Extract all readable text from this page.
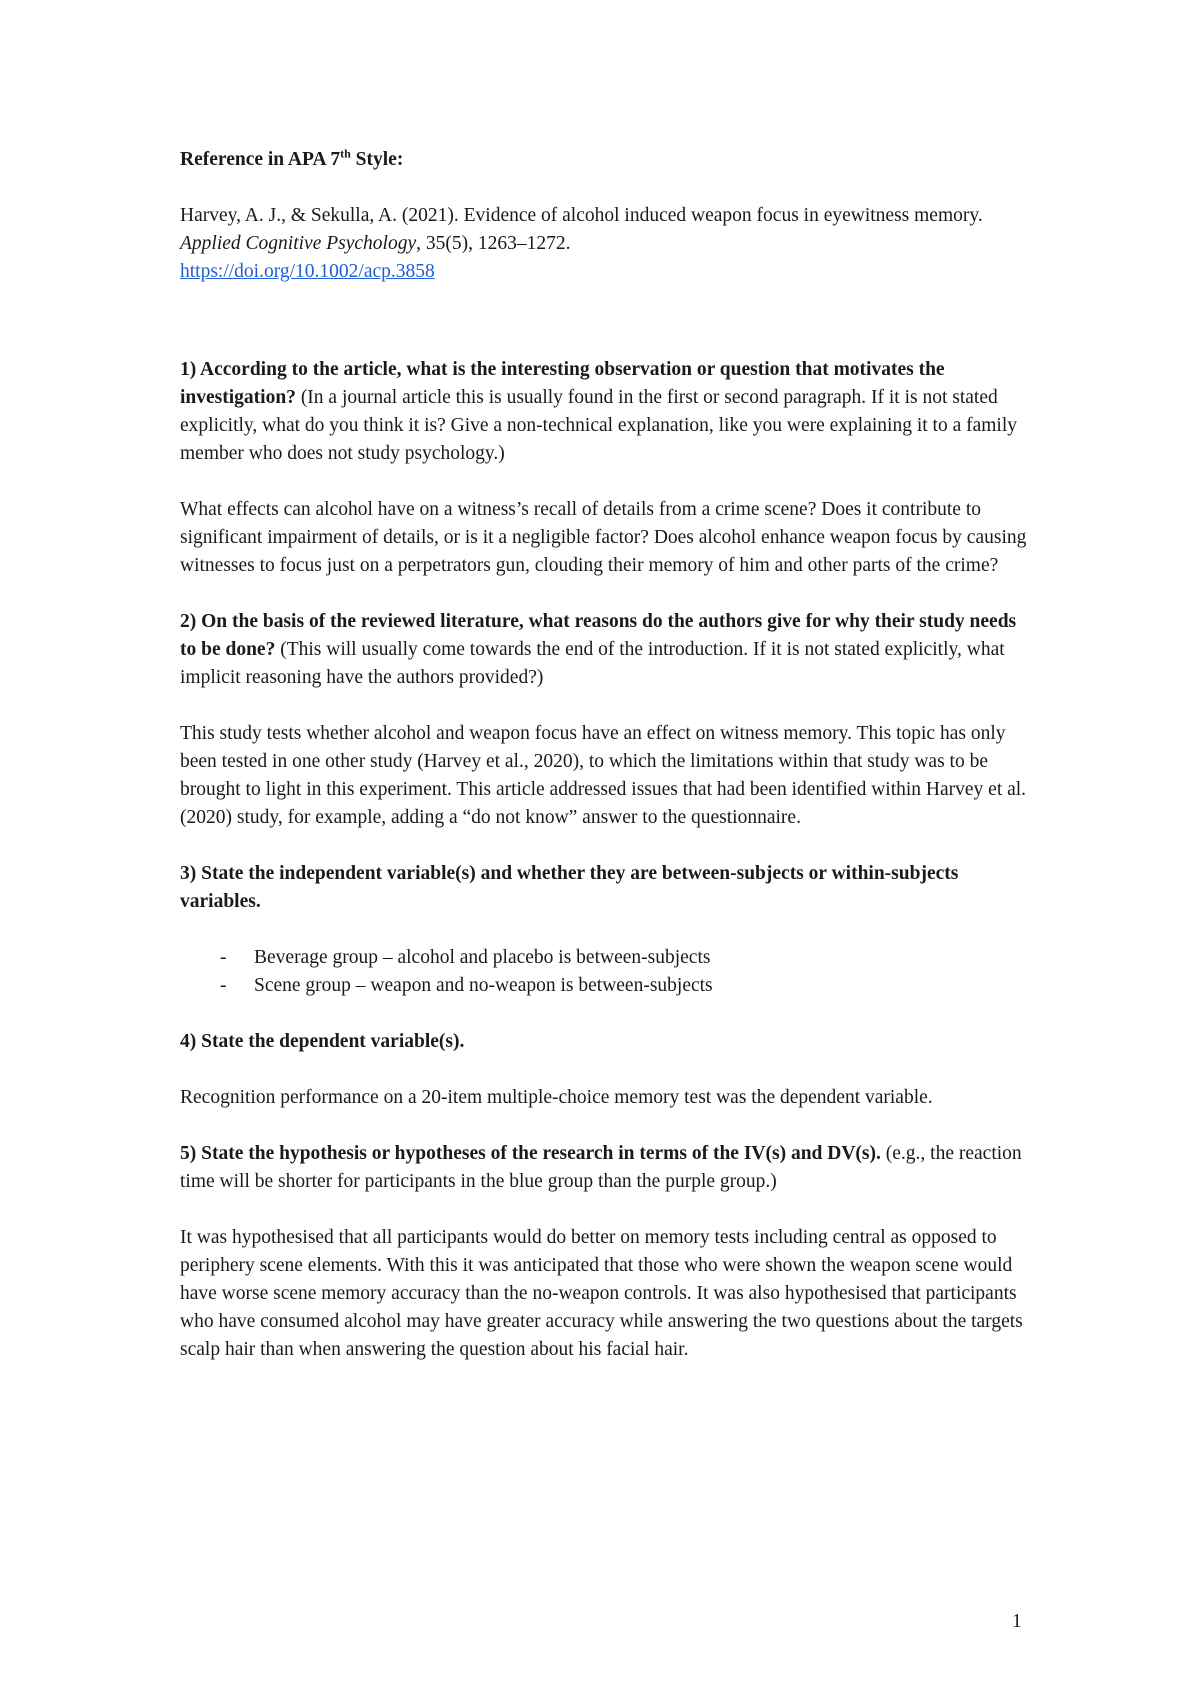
Reference in APA 7th Style:

Harvey, A. J., & Sekulla, A. (2021). Evidence of alcohol induced weapon focus in eyewitness memory. Applied Cognitive Psychology, 35(5), 1263–1272.
https://doi.org/10.1002/acp.3858

1) According to the article, what is the interesting observation or question that motivates the investigation? (In a journal article this is usually found in the first or second paragraph. If it is not stated explicitly, what do you think it is? Give a non-technical explanation, like you were explaining it to a family member who does not study psychology.)

What effects can alcohol have on a witness’s recall of details from a crime scene? Does it contribute to significant impairment of details, or is it a negligible factor? Does alcohol enhance weapon focus by causing witnesses to focus just on a perpetrators gun, clouding their memory of him and other parts of the crime?

2) On the basis of the reviewed literature, what reasons do the authors give for why their study needs to be done? (This will usually come towards the end of the introduction. If it is not stated explicitly, what implicit reasoning have the authors provided?)

This study tests whether alcohol and weapon focus have an effect on witness memory. This topic has only been tested in one other study (Harvey et al., 2020), to which the limitations within that study was to be brought to light in this experiment. This article addressed issues that had been identified within Harvey et al. (2020) study, for example, adding a “do not know” answer to the questionnaire.

3) State the independent variable(s) and whether they are between-subjects or within-subjects variables.

- Beverage group – alcohol and placebo is between-subjects
- Scene group – weapon and no-weapon is between-subjects

4) State the dependent variable(s).

Recognition performance on a 20-item multiple-choice memory test was the dependent variable.

5) State the hypothesis or hypotheses of the research in terms of the IV(s) and DV(s). (e.g., the reaction time will be shorter for participants in the blue group than the purple group.)

It was hypothesised that all participants would do better on memory tests including central as opposed to periphery scene elements. With this it was anticipated that those who were shown the weapon scene would have worse scene memory accuracy than the no-weapon controls. It was also hypothesised that participants who have consumed alcohol may have greater accuracy while answering the two questions about the targets scalp hair than when answering the question about his facial hair.

1
